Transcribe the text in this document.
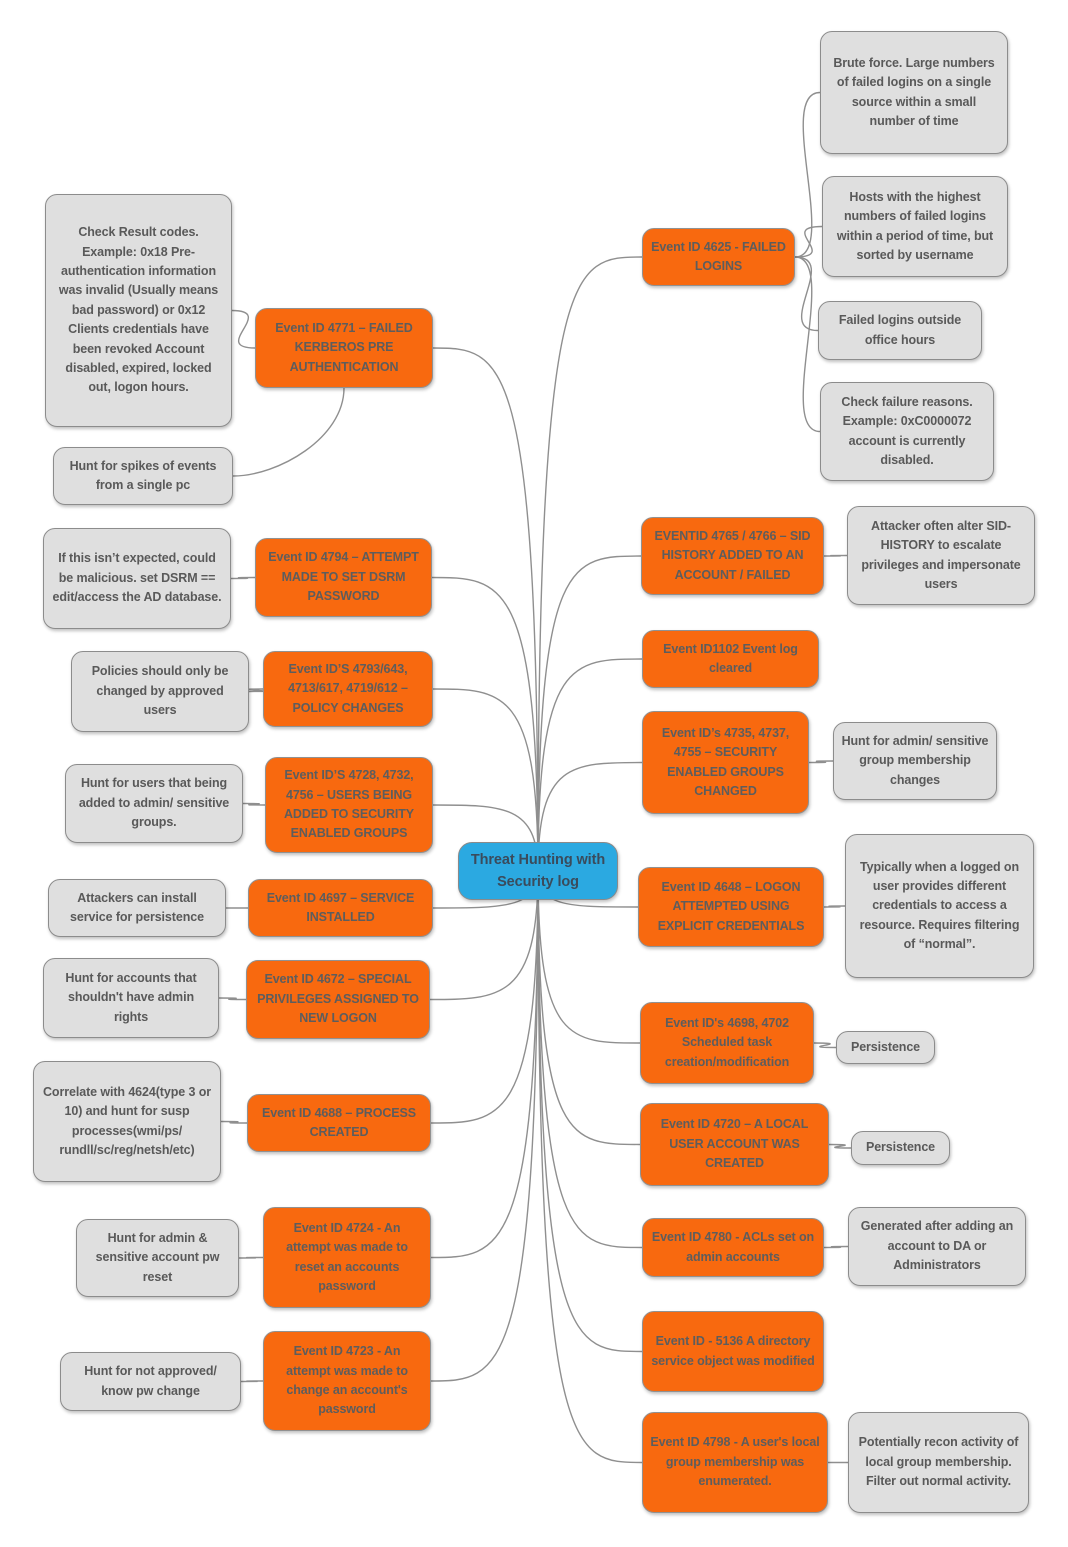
Threat Hunting with Security log
Event ID 4771 – FAILED KERBEROS PRE AUTHENTICATION
Event ID 4794 – ATTEMPT MADE TO SET DSRM PASSWORD
Event ID’S 4793/643, 4713/617, 4719/612 – POLICY CHANGES
Event ID’S 4728, 4732, 4756 – USERS BEING ADDED TO SECURITY ENABLED GROUPS
Event ID 4697 – SERVICE INSTALLED
Event ID 4672 – SPECIAL PRIVILEGES ASSIGNED TO NEW LOGON
Event ID 4688 – PROCESS CREATED
Event ID 4724 - An attempt was made to reset an accounts password
Event ID 4723 - An attempt was made to change an account's password
Check Result codes. Example: 0x18 Pre-authentication information was invalid (Usually means bad password) or 0x12 Clients credentials have been revoked Account disabled, expired, locked out, logon hours.
Hunt for spikes of events from a single pc
If this isn’t expected, could be malicious. set DSRM == edit/access the AD database.
Policies should only be changed by approved users
Hunt for users that being added to admin/ sensitive groups.
Attackers can install service for persistence
Hunt for accounts that shouldn't have admin rights
Correlate with 4624(type 3 or 10) and hunt for susp processes(wmi/ps/ rundll/sc/reg/netsh/etc)
Hunt for admin & sensitive account pw reset
Hunt for not approved/ know pw change
Event ID 4625 - FAILED LOGINS
EVENTID 4765 / 4766 – SID HISTORY ADDED TO AN ACCOUNT / FAILED
Event ID1102 Event log cleared
Event ID’s 4735, 4737, 4755 – SECURITY ENABLED GROUPS CHANGED
Event ID 4648 – LOGON ATTEMPTED USING EXPLICIT CREDENTIALS
Event ID's 4698, 4702 Scheduled task creation/modification
Event ID 4720 – A LOCAL USER ACCOUNT WAS CREATED
Event ID 4780 - ACLs set on admin accounts
Event ID - 5136 A directory service object was modified
Event ID 4798 - A user's local group membership was enumerated.
Brute force. Large numbers of failed logins on a single source within a small number of time
Hosts with the highest numbers of failed logins within a period of time, but sorted by username
Failed logins outside office hours
Check failure reasons. Example: 0xC0000072 account is currently disabled.
Attacker often alter SID-HISTORY to escalate privileges and impersonate users
Hunt for admin/ sensitive group membership changes
Typically when a logged on user provides different credentials to access a resource. Requires filtering of “normal”.
Persistence
Persistence
Generated after adding an account to DA or Administrators
Potentially recon activity of local group membership. Filter out normal activity.
